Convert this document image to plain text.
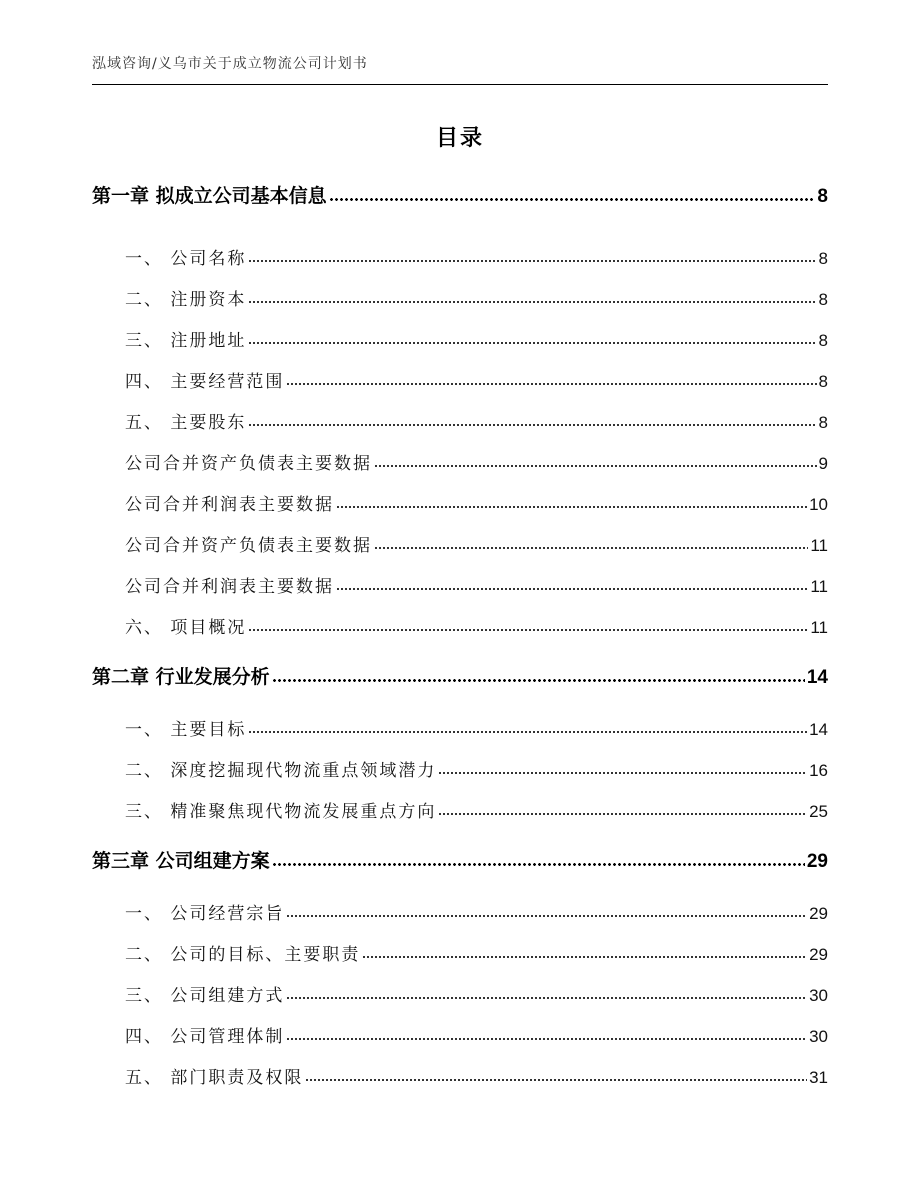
泓域咨询/义乌市关于成立物流公司计划书
目录
第一章 拟成立公司基本信息	8
一、 公司名称	8
二、 注册资本	8
三、 注册地址	8
四、 主要经营范围	8
五、 主要股东	8
公司合并资产负债表主要数据	9
公司合并利润表主要数据	10
公司合并资产负债表主要数据	11
公司合并利润表主要数据	11
六、 项目概况	11
第二章 行业发展分析	14
一、 主要目标	14
二、 深度挖掘现代物流重点领域潜力	16
三、 精准聚焦现代物流发展重点方向	25
第三章 公司组建方案	29
一、 公司经营宗旨	29
二、 公司的目标、主要职责	29
三、 公司组建方式	30
四、 公司管理体制	30
五、 部门职责及权限	31
